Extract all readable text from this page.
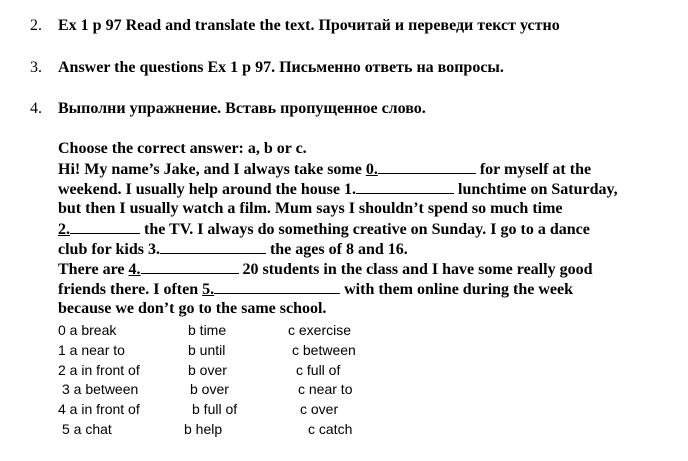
2. Ex 1 p 97 Read and translate the text. Прочитай и переведи текст устно
3. Answer the questions Ex 1 p 97. Письменно ответь на вопросы.
4. Выполни упражнение. Вставь пропущенное слово.
Choose the correct answer: a, b or c.
Hi! My name’s Jake, and I always take some 0.	for myself at the
weekend. I usually help around the house 1.	lunchtime on Saturday,
but then I usually watch a film. Mum says I shouldn’t spend so much time
2.	the TV. I always do something creative on Sunday. I go to a dance
club for kids 3.	the ages of 8 and 16.
There are 4.	20 students in the class and I have some really good
friends there. I often 5.	with them online during the week
because we don’t go to the same school.
0 a break	b time	c exercise
1 a near to	b until	c between
2 a in front of	b over	c full of
3 a between	b over	c near to
4 a in front of	b full of	c over
5 a chat	b help	c catch
